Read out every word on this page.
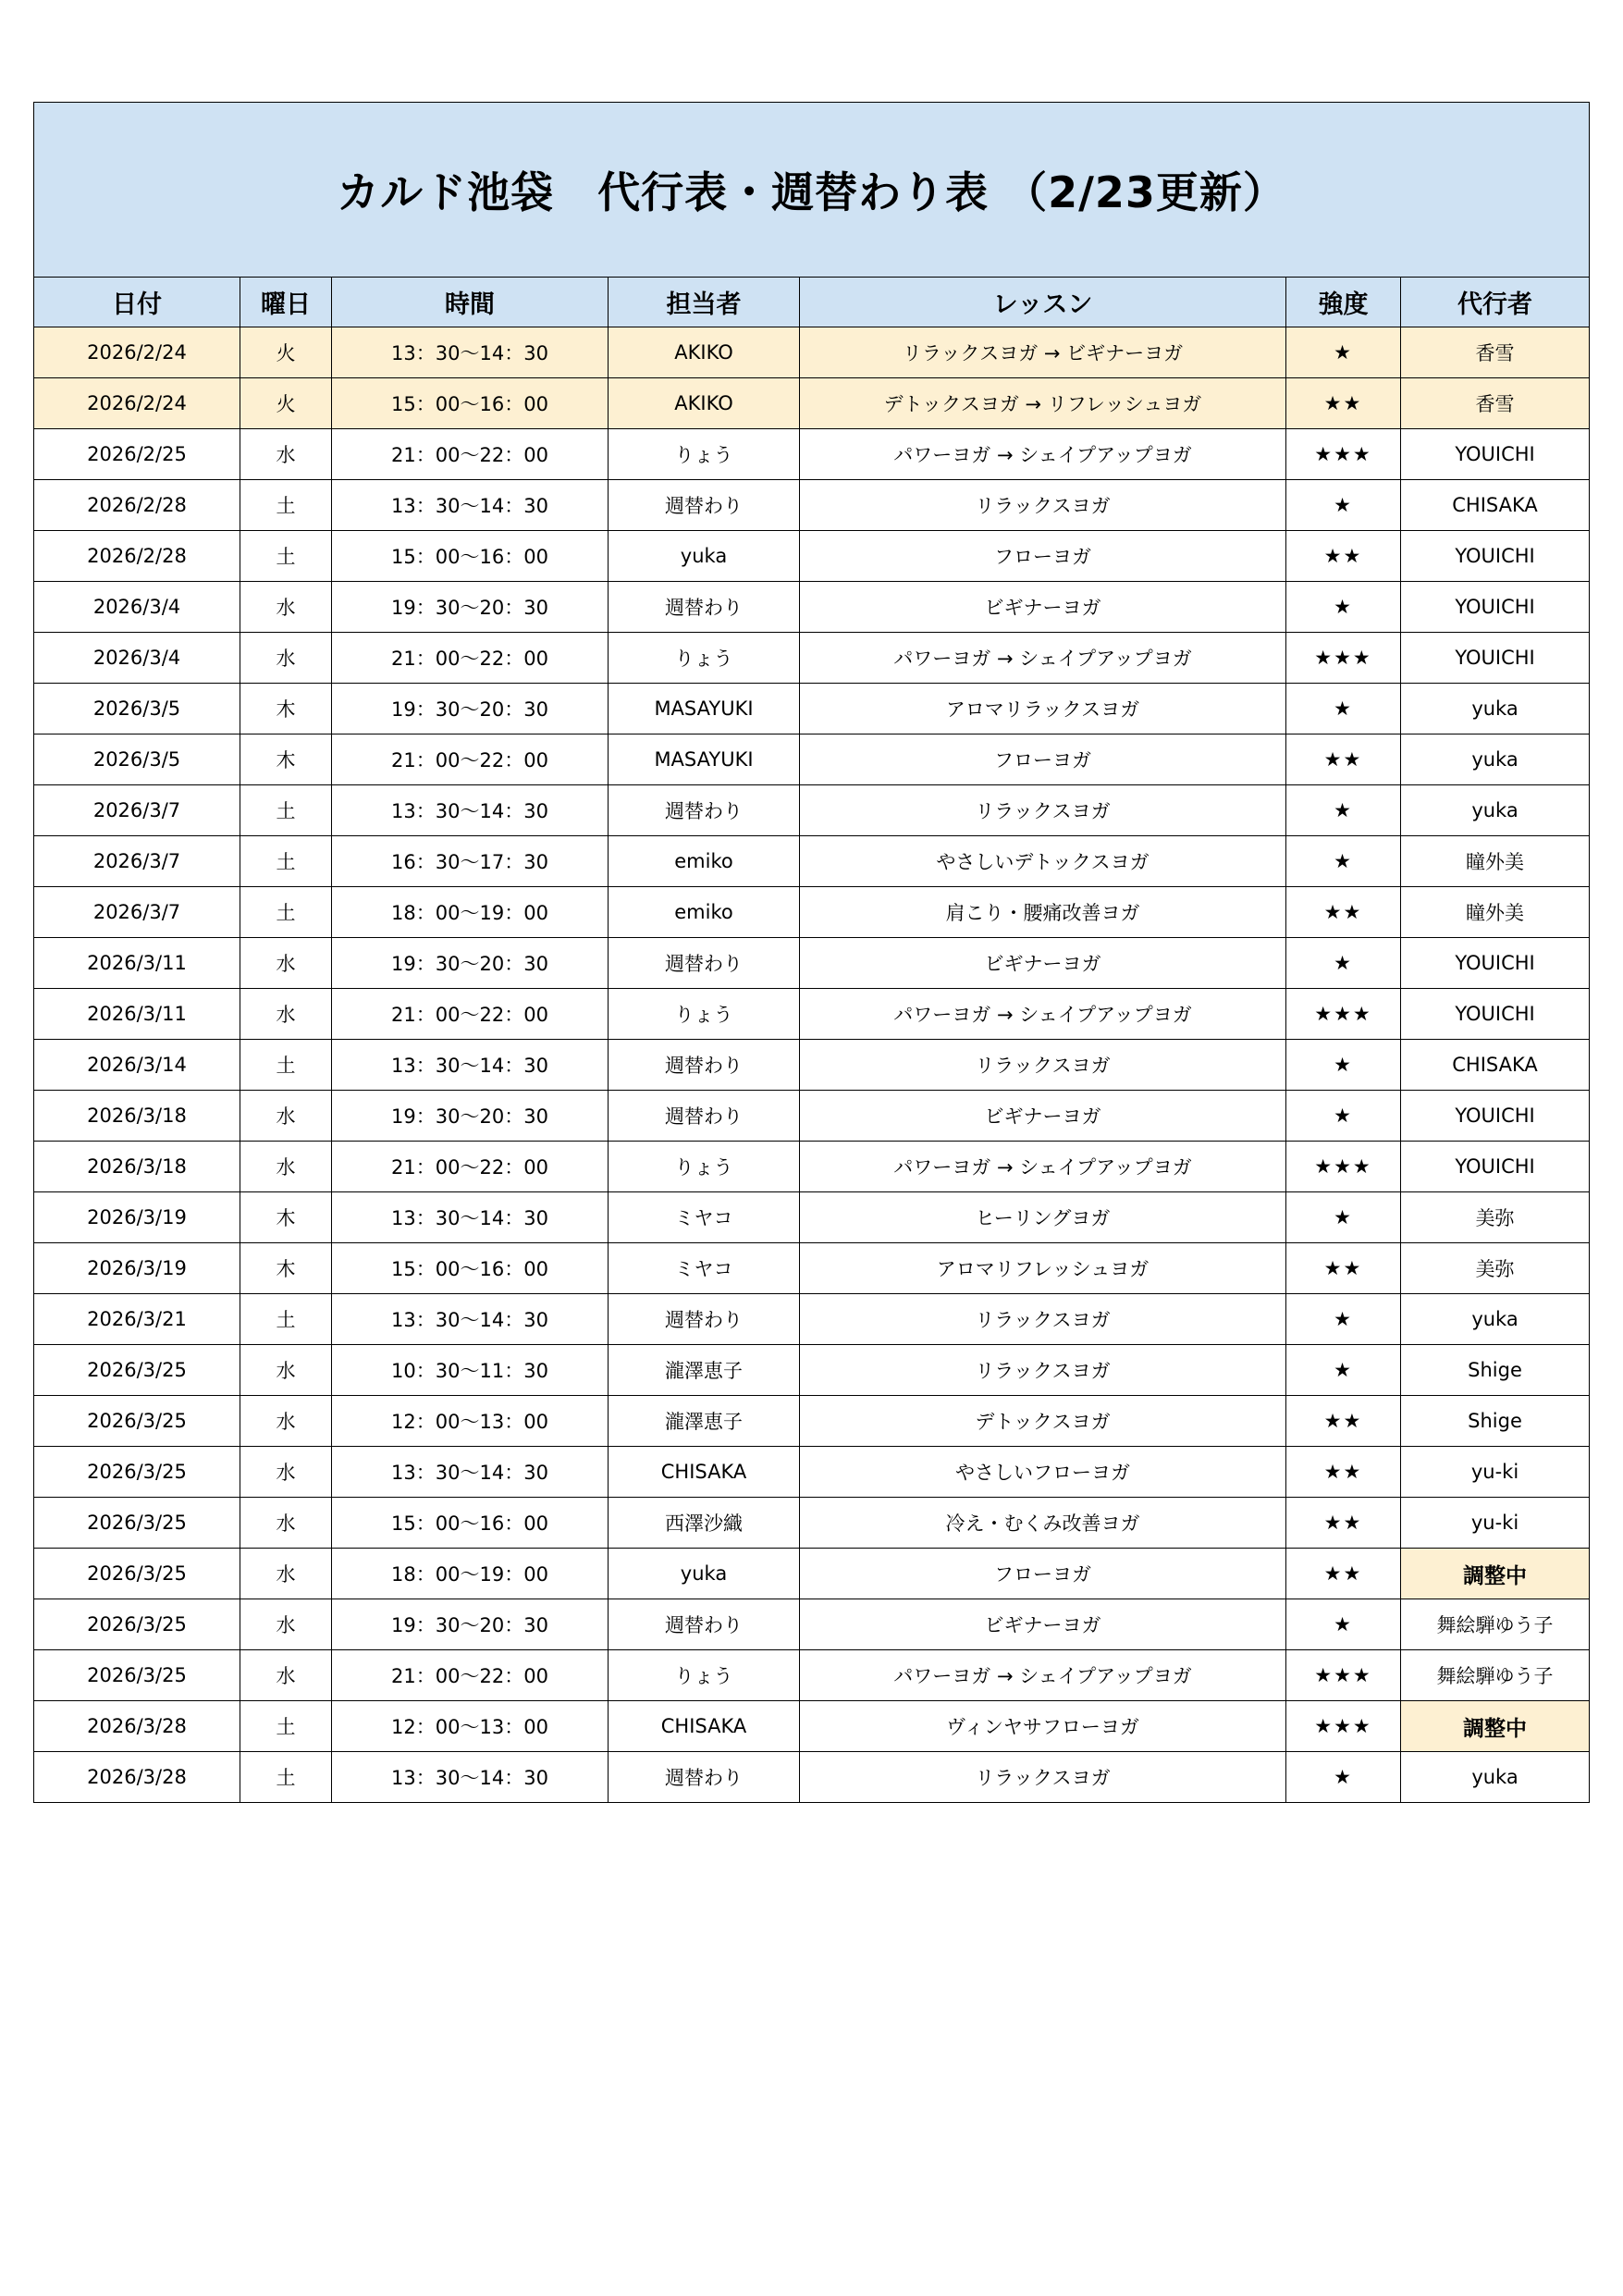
カルド池袋　代行表・週替わり表 （2/23更新）						
日付	曜日	時間	担当者	レッスン	強度	代行者
2026/2/24	火	13：30〜14：30	AKIKO	リラックスヨガ → ビギナーヨガ	★	香雪
2026/2/24	火	15：00〜16：00	AKIKO	デトックスヨガ → リフレッシュヨガ	★★	香雪
2026/2/25	水	21：00〜22：00	りょう	パワーヨガ → シェイプアップヨガ	★★★	YOUICHI
2026/2/28	土	13：30〜14：30	週替わり	リラックスヨガ	★	CHISAKA
2026/2/28	土	15：00〜16：00	yuka	フローヨガ	★★	YOUICHI
2026/3/4	水	19：30〜20：30	週替わり	ビギナーヨガ	★	YOUICHI
2026/3/4	水	21：00〜22：00	りょう	パワーヨガ → シェイプアップヨガ	★★★	YOUICHI
2026/3/5	木	19：30〜20：30	MASAYUKI	アロマリラックスヨガ	★	yuka
2026/3/5	木	21：00〜22：00	MASAYUKI	フローヨガ	★★	yuka
2026/3/7	土	13：30〜14：30	週替わり	リラックスヨガ	★	yuka
2026/3/7	土	16：30〜17：30	emiko	やさしいデトックスヨガ	★	瞳外美
2026/3/7	土	18：00〜19：00	emiko	肩こり・腰痛改善ヨガ	★★	瞳外美
2026/3/11	水	19：30〜20：30	週替わり	ビギナーヨガ	★	YOUICHI
2026/3/11	水	21：00〜22：00	りょう	パワーヨガ → シェイプアップヨガ	★★★	YOUICHI
2026/3/14	土	13：30〜14：30	週替わり	リラックスヨガ	★	CHISAKA
2026/3/18	水	19：30〜20：30	週替わり	ビギナーヨガ	★	YOUICHI
2026/3/18	水	21：00〜22：00	りょう	パワーヨガ → シェイプアップヨガ	★★★	YOUICHI
2026/3/19	木	13：30〜14：30	ミヤコ	ヒーリングヨガ	★	美弥
2026/3/19	木	15：00〜16：00	ミヤコ	アロマリフレッシュヨガ	★★	美弥
2026/3/21	土	13：30〜14：30	週替わり	リラックスヨガ	★	yuka
2026/3/25	水	10：30〜11：30	瀧澤恵子	リラックスヨガ	★	Shige
2026/3/25	水	12：00〜13：00	瀧澤恵子	デトックスヨガ	★★	Shige
2026/3/25	水	13：30〜14：30	CHISAKA	やさしいフローヨガ	★★	yu-ki
2026/3/25	水	15：00〜16：00	西澤沙織	冷え・むくみ改善ヨガ	★★	yu-ki
2026/3/25	水	18：00〜19：00	yuka	フローヨガ	★★	調整中
2026/3/25	水	19：30〜20：30	週替わり	ビギナーヨガ	★	舞絵騨ゆう子
2026/3/25	水	21：00〜22：00	りょう	パワーヨガ → シェイプアップヨガ	★★★	舞絵騨ゆう子
2026/3/28	土	12：00〜13：00	CHISAKA	ヴィンヤサフローヨガ	★★★	調整中
2026/3/28	土	13：30〜14：30	週替わり	リラックスヨガ	★	yuka
